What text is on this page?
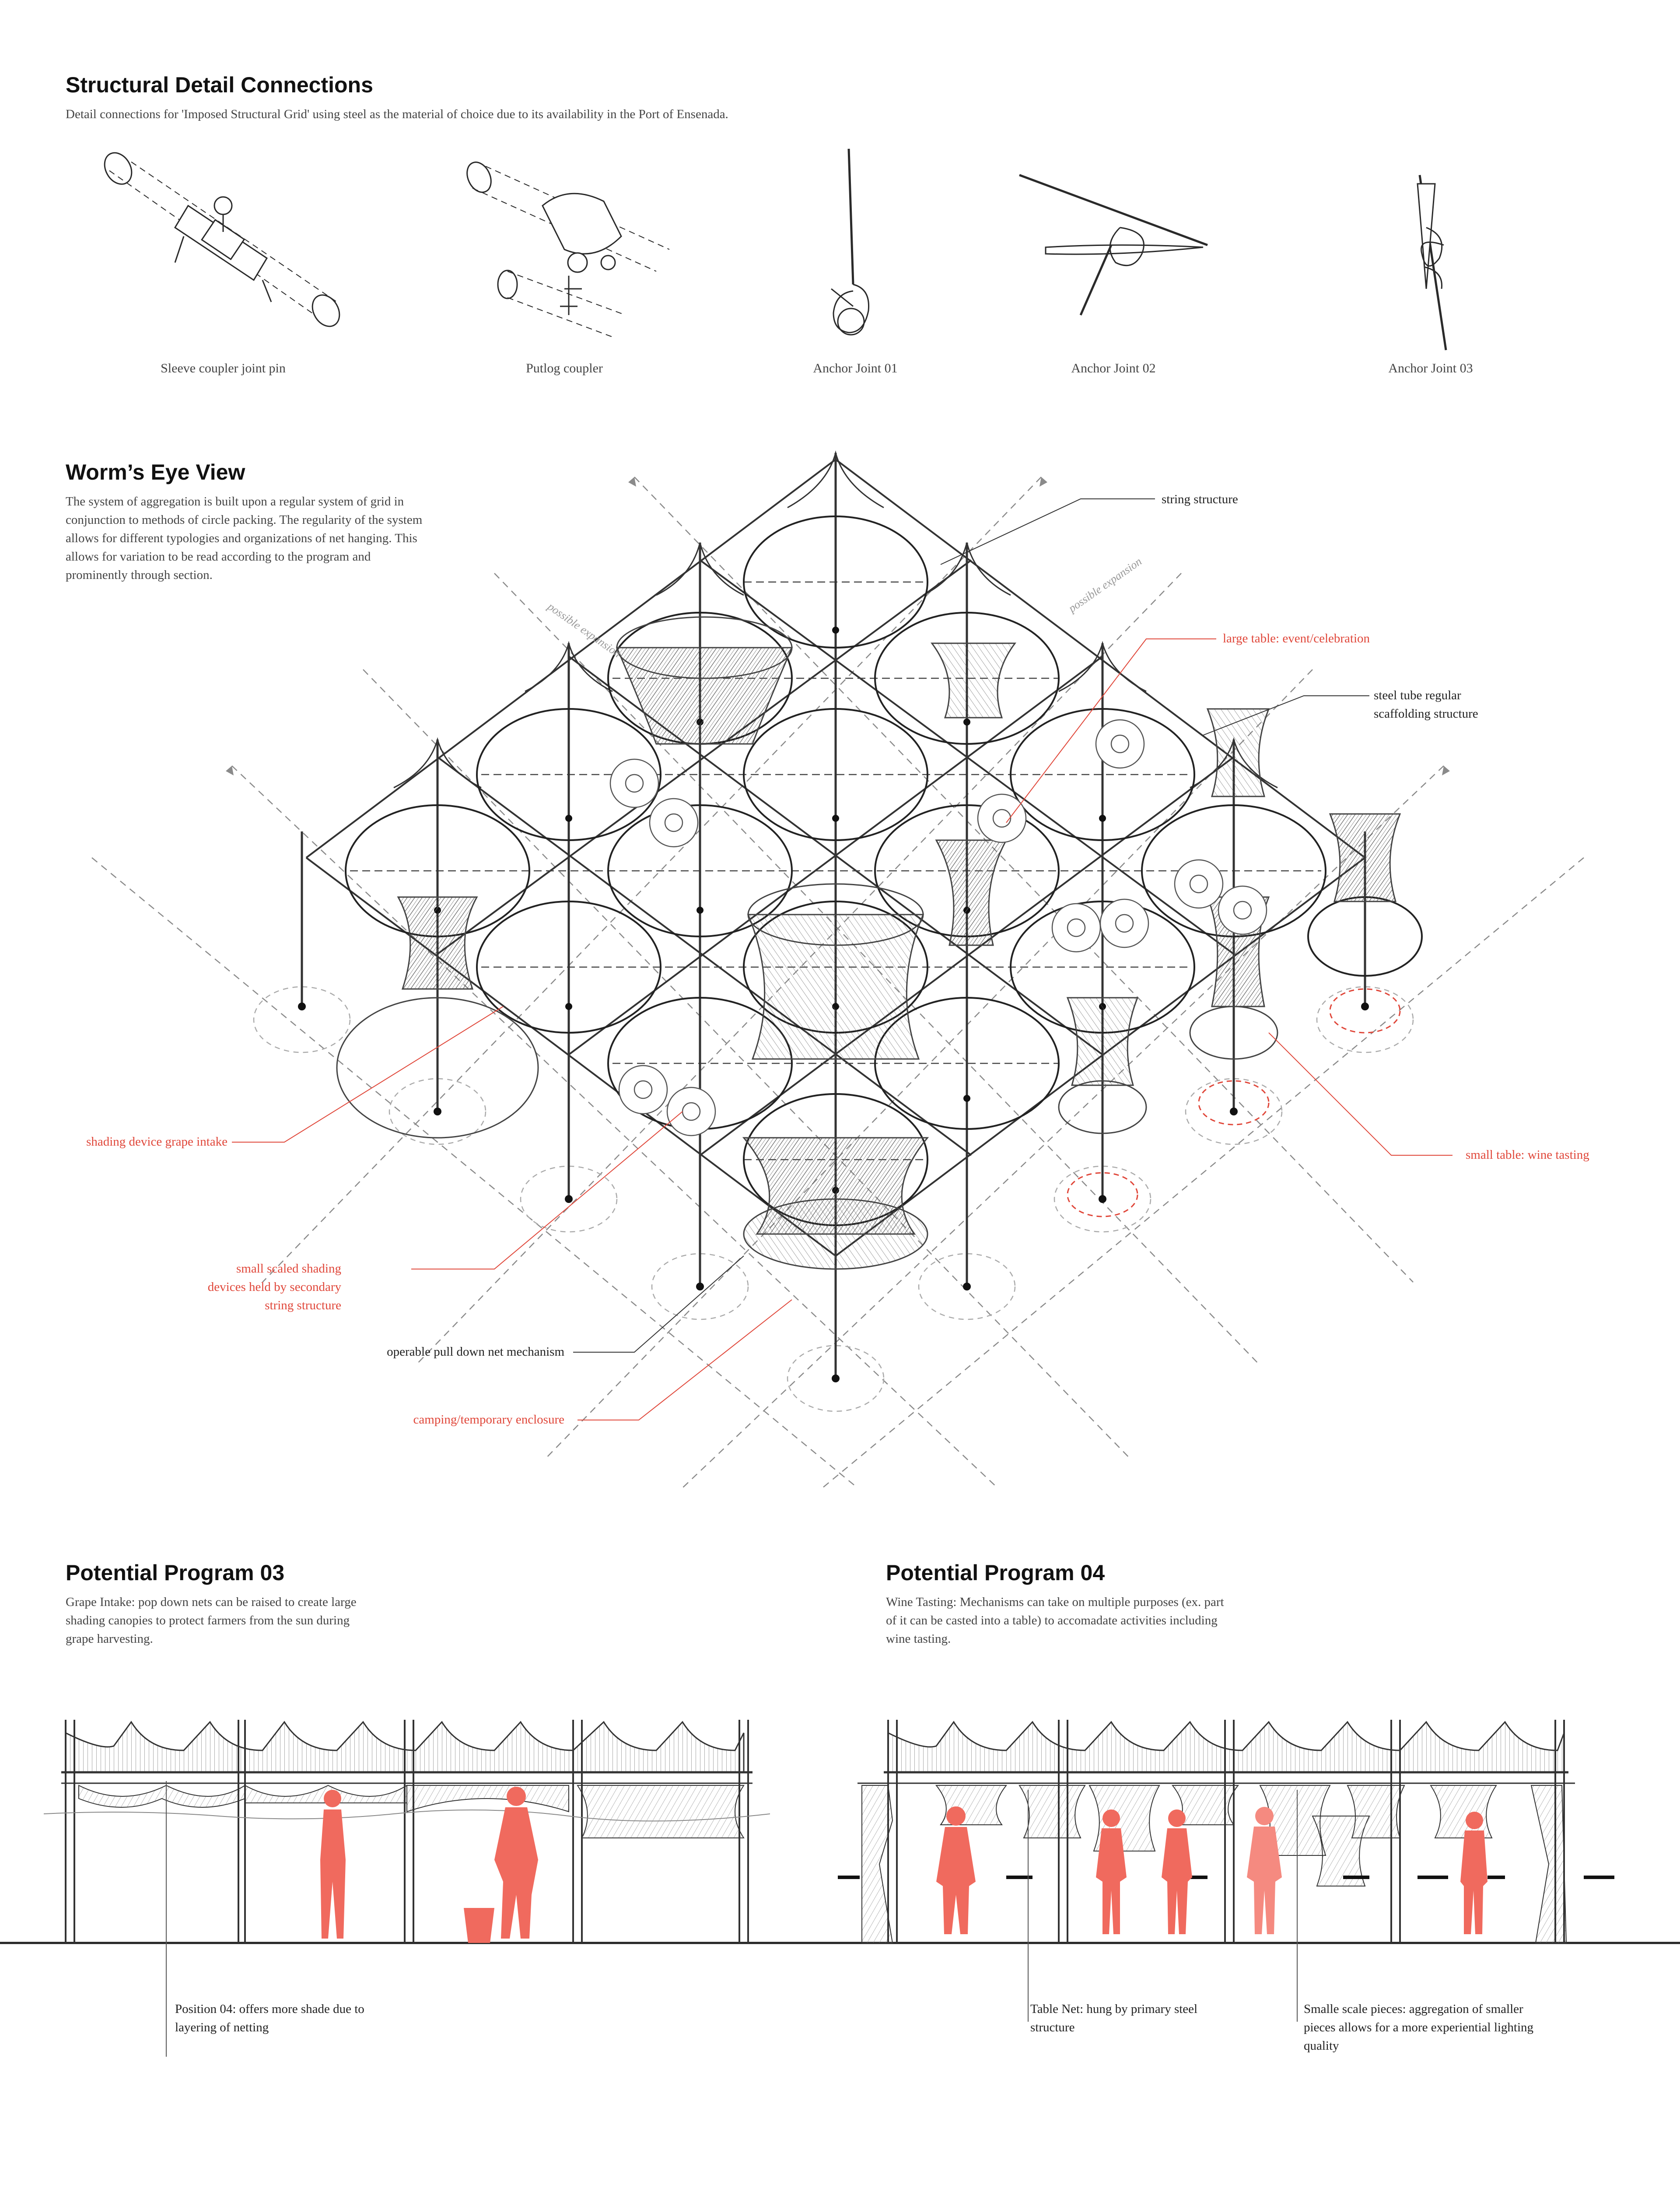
Structural Detail Connections

Detail connections for 'Imposed Structural Grid' using steel as the material of choice due to its availability in the Port of Ensenada.

Sleeve coupler joint pin	Putlog coupler	Anchor Joint 01	Anchor Joint 02	Anchor Joint 03

Worm’s Eye View

The system of aggregation is built upon a regular system of grid in conjunction to methods of circle packing. The regularity of the system allows for different typologies and organizations of net hanging. This allows for variation to be read according to the program and prominently through section.

possible expansion
possible expansion

string structure

large table: event/celebration

steel tube regular scaffolding structure

shading device grape intake

small table: wine tasting

small scaled shading devices held by secondary string structure

operable pull down net mechanism

camping/temporary enclosure

Potential Program 03

Grape Intake: pop down nets can be raised to create large shading canopies to protect farmers from the sun during grape harvesting.

Potential Program 04

Wine Tasting: Mechanisms can take on multiple purposes (ex. part of it can be casted into a table) to accomadate activities including wine tasting.

Position 04: offers more shade due to layering of netting

Table Net: hung by primary steel structure

Smalle scale pieces: aggregation of smaller pieces allows for a more experiential lighting quality
